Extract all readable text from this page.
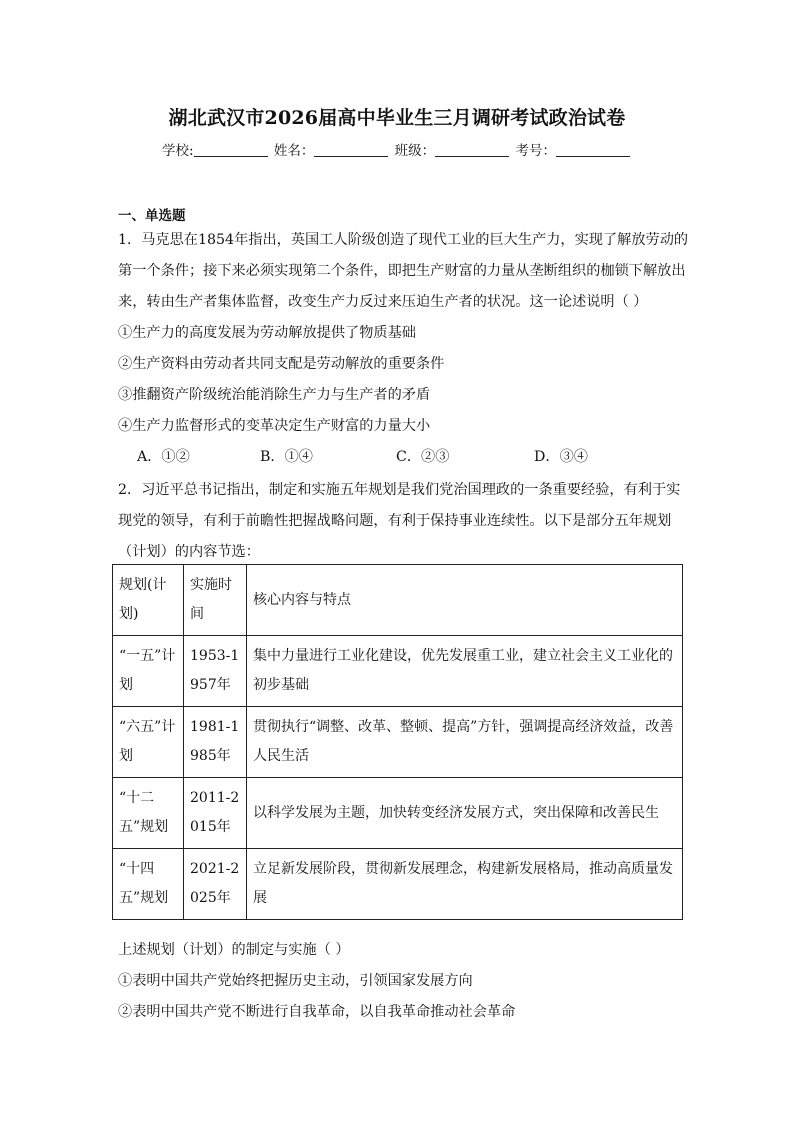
湖北武汉市2026届高中毕业生三月调研考试政治试卷
学校:	姓名：	班级：	考号：
一、单选题
1．马克思在1854年指出，英国工人阶级创造了现代工业的巨大生产力，实现了解放劳动的
第一个条件；接下来必须实现第二个条件，即把生产财富的力量从垄断组织的枷锁下解放出
来，转由生产者集体监督，改变生产力反过来压迫生产者的状况。这一论述说明（ ）
①生产力的高度发展为劳动解放提供了物质基础
②生产资料由劳动者共同支配是劳动解放的重要条件
③推翻资产阶级统治能消除生产力与生产者的矛盾
④生产力监督形式的变革决定生产财富的力量大小
A．①②	B．①④	C．②③	D．③④
2．习近平总书记指出，制定和实施五年规划是我们党治国理政的一条重要经验，有利于实
现党的领导，有利于前瞻性把握战略问题，有利于保持事业连续性。以下是部分五年规划
（计划）的内容节选：
规划(计划)	实施时间	核心内容与特点
“一五”计划	1953-1957年	集中力量进行工业化建设，优先发展重工业，建立社会主义工业化的初步基础
“六五”计划	1981-1985年	贯彻执行“调整、改革、整顿、提高”方针，强调提高经济效益，改善人民生活
“十二五”规划	2011-2015年	以科学发展为主题，加快转变经济发展方式，突出保障和改善民生
“十四五”规划	2021-2025年	立足新发展阶段，贯彻新发展理念，构建新发展格局，推动高质量发展
上述规划（计划）的制定与实施（ ）
①表明中国共产党始终把握历史主动，引领国家发展方向
②表明中国共产党不断进行自我革命，以自我革命推动社会革命
